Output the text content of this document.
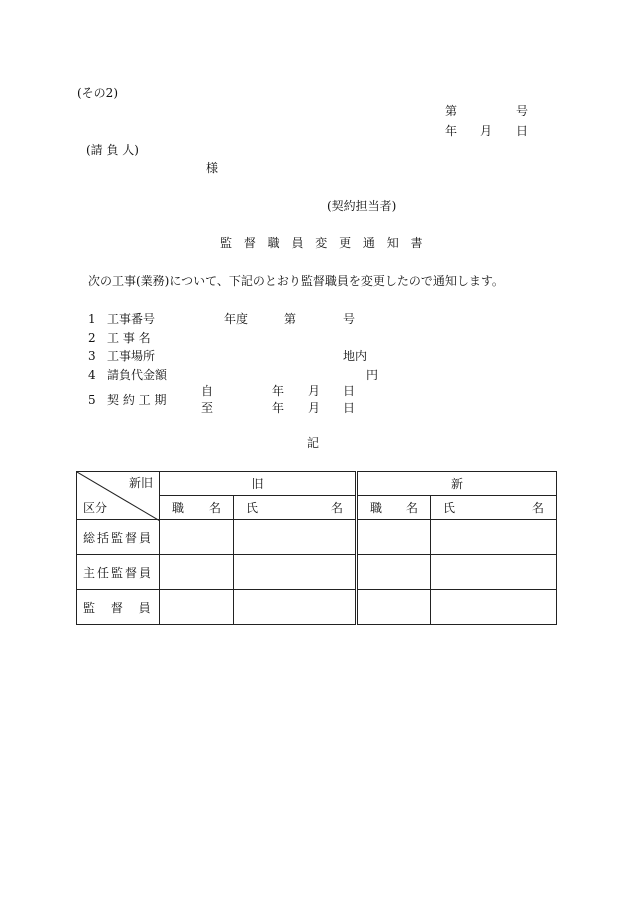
(その2)
第	号
年 月 日
(請 負 人)
様
(契約担当者)
監 督 職 員 変 更 通 知 書
次の工事(業務)について、下記のとおり監督職員を変更したので通知します。
1 工事番号	年度	第	号
2 工 事 名
3 工事場所	地内
4 請負代金額	円
5 契 約 工 期
自	年 月 日
至	年 月 日
記
新旧
区分	旧		新	

	職 名	氏 名	職 名	氏 名

総括監督員				
主任監督員				
監 督 員				
